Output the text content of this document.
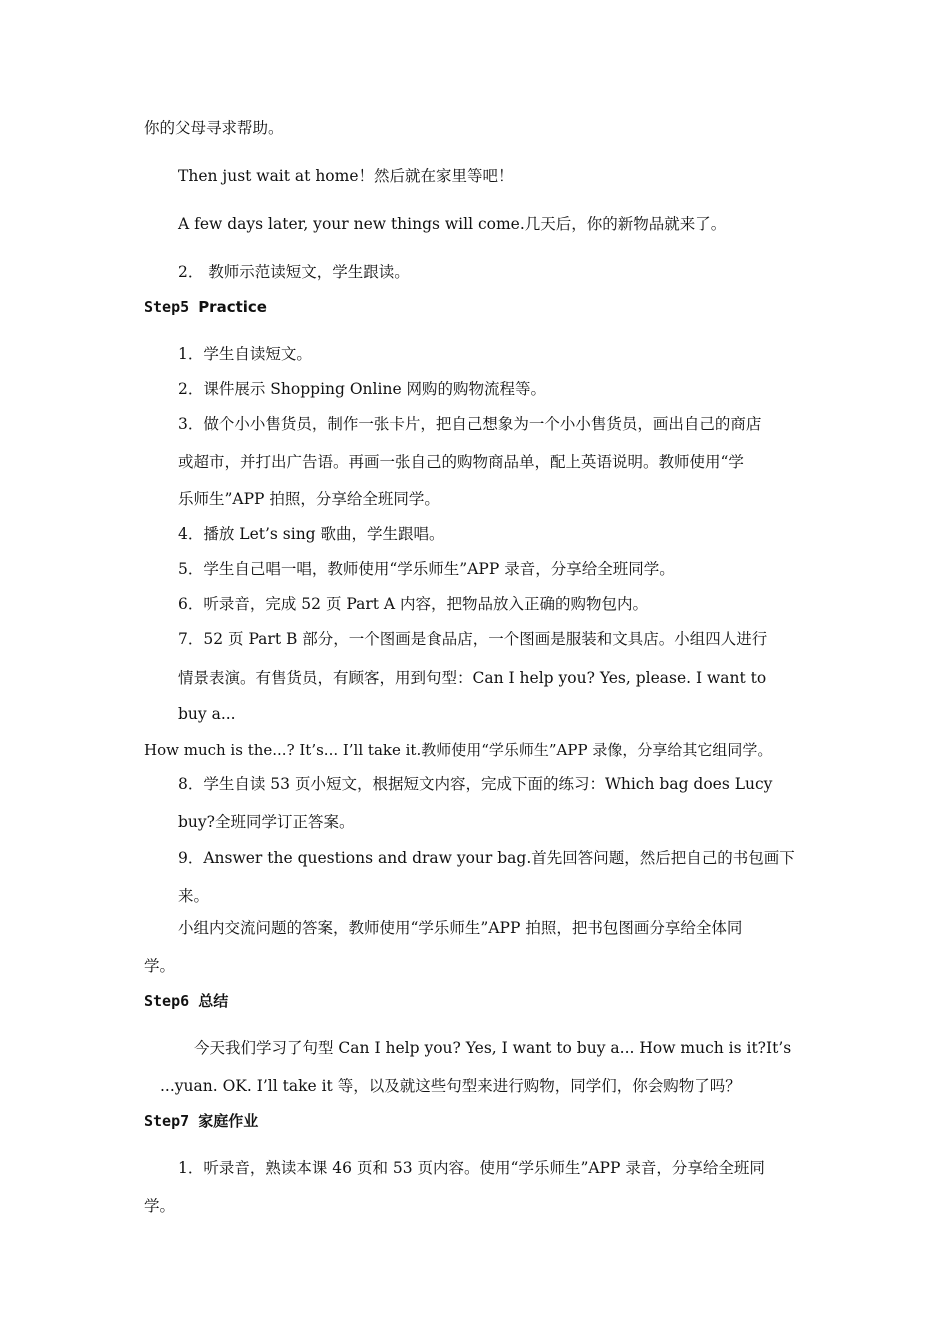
你的父母寻求帮助。
Then just wait at home！然后就在家里等吧！
A few days later, your new things will come.几天后，你的新物品就来了。
2． 教师示范读短文，学生跟读。
Step5 Practice
1．学生自读短文。
2．课件展示 Shopping Online 网购的购物流程等。
3．做个小小售货员，制作一张卡片，把自己想象为一个小小售货员，画出自己的商店
或超市，并打出广告语。再画一张自己的购物商品单，配上英语说明。教师使用“学
乐师生”APP 拍照，分享给全班同学。
4．播放 Let’s sing 歌曲，学生跟唱。
5．学生自己唱一唱，教师使用“学乐师生”APP 录音，分享给全班同学。
6．听录音，完成 52 页 Part A 内容，把物品放入正确的购物包内。
7．52 页 Part B 部分，一个图画是食品店，一个图画是服装和文具店。小组四人进行
情景表演。有售货员，有顾客，用到句型：Can I help you? Yes, please. I want to
buy a...
How much is the...? It’s... I’ll take it.教师使用“学乐师生”APP 录像，分享给其它组同学。
8．学生自读 53 页小短文，根据短文内容，完成下面的练习：Which bag does Lucy
buy?全班同学订正答案。
9．Answer the questions and draw your bag.首先回答问题，然后把自己的书包画下
来。
小组内交流问题的答案，教师使用“学乐师生”APP 拍照，把书包图画分享给全体同
学。
Step6 总结
今天我们学习了句型 Can I help you? Yes, I want to buy a... How much is it?It’s
...yuan. OK. I’ll take it 等，以及就这些句型来进行购物，同学们，你会购物了吗？
Step7 家庭作业
1．听录音，熟读本课 46 页和 53 页内容。使用“学乐师生”APP 录音，分享给全班同
学。
